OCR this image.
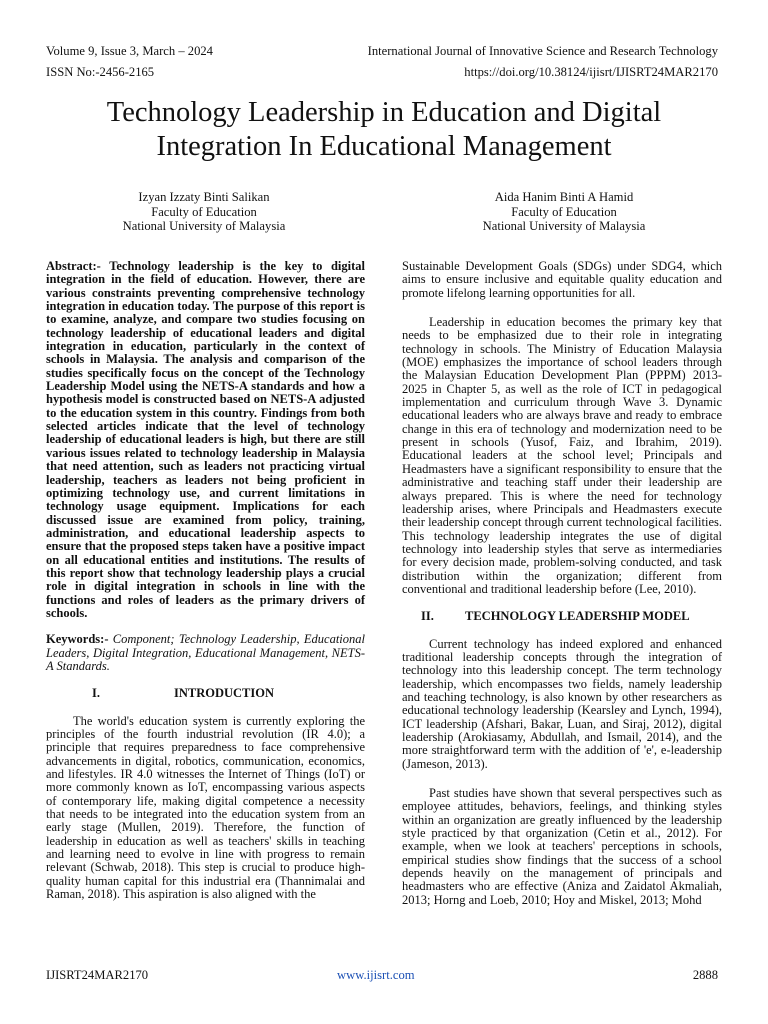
Volume 9, Issue 3, March – 2024	International Journal of Innovative Science and Research Technology
ISSN No:-2456-2165	https://doi.org/10.38124/ijisrt/IJISRT24MAR2170
Technology Leadership in Education and Digital
Integration In Educational Management
Izyan Izzaty Binti Salikan
Faculty of Education
National University of Malaysia
Aida Hanim Binti A Hamid
Faculty of Education
National University of Malaysia

Abstract:- Technology leadership is the key to digital integration in the field of education. However, there are various constraints preventing comprehensive technology integration in education today. The purpose of this report is to examine, analyze, and compare two studies focusing on technology leadership of educational leaders and digital integration in education, particularly in the context of schools in Malaysia. The analysis and comparison of the studies specifically focus on the concept of the Technology Leadership Model using the NETS-A standards and how a hypothesis model is constructed based on NETS-A adjusted to the education system in this country. Findings from both selected articles indicate that the level of technology leadership of educational leaders is high, but there are still various issues related to technology leadership in Malaysia that need attention, such as leaders not practicing virtual leadership, teachers as leaders not being proficient in optimizing technology use, and current limitations in technology usage equipment. Implications for each discussed issue are examined from policy, training, administration, and educational leadership aspects to ensure that the proposed steps taken have a positive impact on all educational entities and institutions. The results of this report show that technology leadership plays a crucial role in digital integration in schools in line with the functions and roles of leaders as the primary drivers of schools.

Keywords:- Component; Technology Leadership, Educational Leaders, Digital Integration, Educational Management, NETS-A Standards.

I.	INTRODUCTION

The world's education system is currently exploring the principles of the fourth industrial revolution (IR 4.0); a principle that requires preparedness to face comprehensive advancements in digital, robotics, communication, economics, and lifestyles. IR 4.0 witnesses the Internet of Things (IoT) or more commonly known as IoT, encompassing various aspects of contemporary life, making digital competence a necessity that needs to be integrated into the education system from an early stage (Mullen, 2019). Therefore, the function of leadership in education as well as teachers' skills in teaching and learning need to evolve in line with progress to remain relevant (Schwab, 2018). This step is crucial to produce high-quality human capital for this industrial era (Thannimalai and Raman, 2018). This aspiration is also aligned with the

Sustainable Development Goals (SDGs) under SDG4, which aims to ensure inclusive and equitable quality education and promote lifelong learning opportunities for all.

Leadership in education becomes the primary key that needs to be emphasized due to their role in integrating technology in schools. The Ministry of Education Malaysia (MOE) emphasizes the importance of school leaders through the Malaysian Education Development Plan (PPPM) 2013-2025 in Chapter 5, as well as the role of ICT in pedagogical implementation and curriculum through Wave 3. Dynamic educational leaders who are always brave and ready to embrace change in this era of technology and modernization need to be present in schools (Yusof, Faiz, and Ibrahim, 2019). Educational leaders at the school level; Principals and Headmasters have a significant responsibility to ensure that the administrative and teaching staff under their leadership are always prepared. This is where the need for technology leadership arises, where Principals and Headmasters execute their leadership concept through current technological facilities. This technology leadership integrates the use of digital technology into leadership styles that serve as intermediaries for every decision made, problem-solving conducted, and task distribution within the organization; different from conventional and traditional leadership before (Lee, 2010).

II.	TECHNOLOGY LEADERSHIP MODEL

Current technology has indeed explored and enhanced traditional leadership concepts through the integration of technology into this leadership concept. The term technology leadership, which encompasses two fields, namely leadership and teaching technology, is also known by other researchers as educational technology leadership (Kearsley and Lynch, 1994), ICT leadership (Afshari, Bakar, Luan, and Siraj, 2012), digital leadership (Arokiasamy, Abdullah, and Ismail, 2014), and the more straightforward term with the addition of 'e', e-leadership (Jameson, 2013).

Past studies have shown that several perspectives such as employee attitudes, behaviors, feelings, and thinking styles within an organization are greatly influenced by the leadership style practiced by that organization (Cetin et al., 2012). For example, when we look at teachers' perceptions in schools, empirical studies show findings that the success of a school depends heavily on the management of principals and headmasters who are effective (Aniza and Zaidatol Akmaliah, 2013; Horng and Loeb, 2010; Hoy and Miskel, 2013; Mohd

IJISRT24MAR2170	www.ijisrt.com	2888
